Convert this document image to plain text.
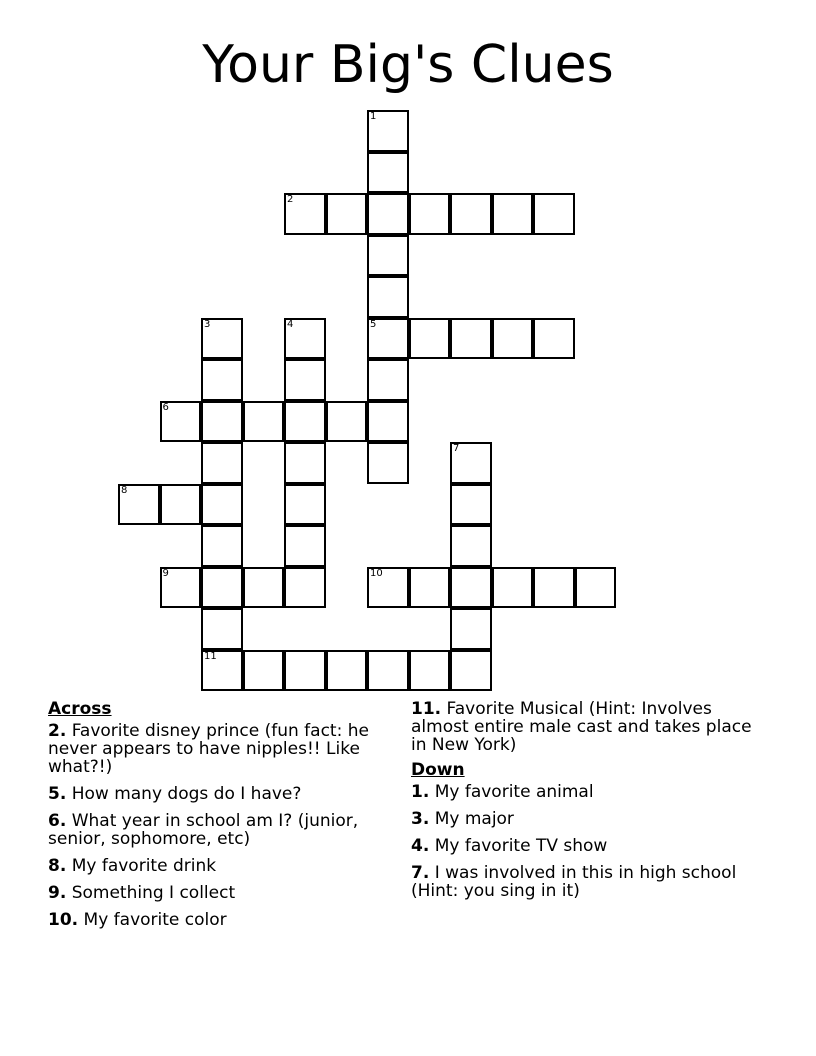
Your Big's Clues
1
5
2
3
11
4
6
7
8
9	10
Across
2. Favorite disney prince (fun fact: he never appears to have nipples!! Like what?!)
5. How many dogs do I have?
6. What year in school am I? (junior, senior, sophomore, etc)
8. My favorite drink
9. Something I collect
10. My favorite color
11. Favorite Musical (Hint: Involves almost entire male cast and takes place in New York)
Down
1. My favorite animal
3. My major
4. My favorite TV show
7. I was involved in this in high school (Hint: you sing in it)
